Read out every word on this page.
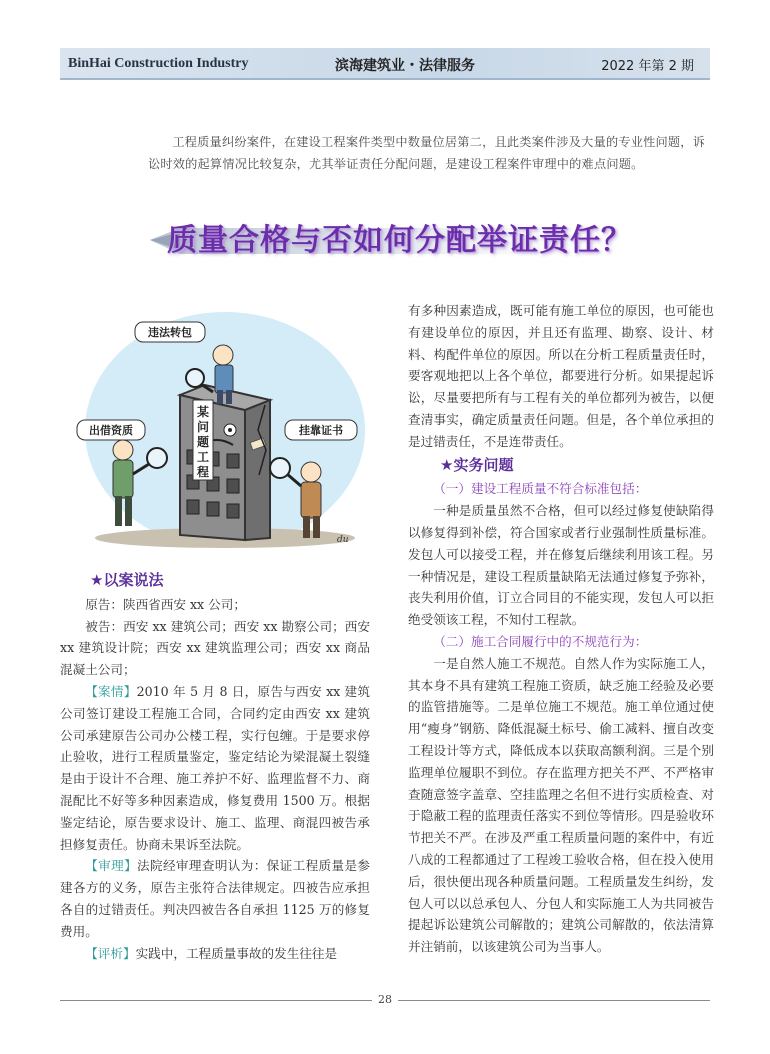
BinHai Construction Industry	滨海建筑业・法律服务	2022 年第 2 期

工程质量纠纷案件，在建设工程案件类型中数量位居第二，且此类案件涉及大量的专业性问题，诉讼时效的起算情况比较复杂，尤其举证责任分配问题，是建设工程案件审理中的难点问题。

质量合格与否如何分配举证责任？
某
问
题
工
程
违法转包
出借资质	挂靠证书
du

★以案说法

原告：陕西省西安 xx 公司；

被告：西安 xx 建筑公司；西安 xx 勘察公司；西安 xx 建筑设计院；西安 xx 建筑监理公司；西安 xx 商品混凝土公司；

【案情】2010 年 5 月 8 日，原告与西安 xx 建筑公司签订建设工程施工合同，合同约定由西安 xx 建筑公司承建原告公司办公楼工程，实行包缠。于是要求停止验收，进行工程质量鉴定，鉴定结论为梁混凝土裂缝是由于设计不合理、施工养护不好、监理监督不力、商混配比不好等多种因素造成，修复费用 1500 万。根据鉴定结论，原告要求设计、施工、监理、商混四被告承担修复责任。协商未果诉至法院。

【审理】法院经审理查明认为：保证工程质量是参建各方的义务，原告主张符合法律规定。四被告应承担各自的过错责任。判决四被告各自承担 1125 万的修复费用。

【评析】实践中，工程质量事故的发生往往是

有多种因素造成，既可能有施工单位的原因，也可能也有建设单位的原因，并且还有监理、勘察、设计、材料、构配件单位的原因。所以在分析工程质量责任时，要客观地把以上各个单位，都要进行分析。如果提起诉讼，尽量要把所有与工程有关的单位都列为被告，以便查清事实，确定质量责任问题。但是，各个单位承担的是过错责任，不是连带责任。

★实务问题

（一）建设工程质量不符合标准包括：

一种是质量虽然不合格，但可以经过修复使缺陷得以修复得到补偿，符合国家或者行业强制性质量标准。发包人可以接受工程，并在修复后继续利用该工程。另一种情况是，建设工程质量缺陷无法通过修复予弥补，丧失利用价值，订立合同目的不能实现，发包人可以拒绝受领该工程，不知付工程款。

（二）施工合同履行中的不规范行为：

一是自然人施工不规范。自然人作为实际施工人，其本身不具有建筑工程施工资质，缺乏施工经验及必要的监管措施等。二是单位施工不规范。施工单位通过使用“瘦身”钢筋、降低混凝土标号、偷工减料、擅自改变工程设计等方式，降低成本以获取高额利润。三是个别监理单位履职不到位。存在监理方把关不严、不严格审查随意签字盖章、空挂监理之名但不进行实质检查、对于隐蔽工程的监理责任落实不到位等情形。四是验收环节把关不严。在涉及严重工程质量问题的案件中，有近八成的工程都通过了工程竣工验收合格，但在投入使用后，很快便出现各种质量问题。工程质量发生纠纷，发包人可以以总承包人、分包人和实际施工人为共同被告提起诉讼建筑公司解散的；建筑公司解散的，依法清算并注销前，以该建筑公司为当事人。

28
